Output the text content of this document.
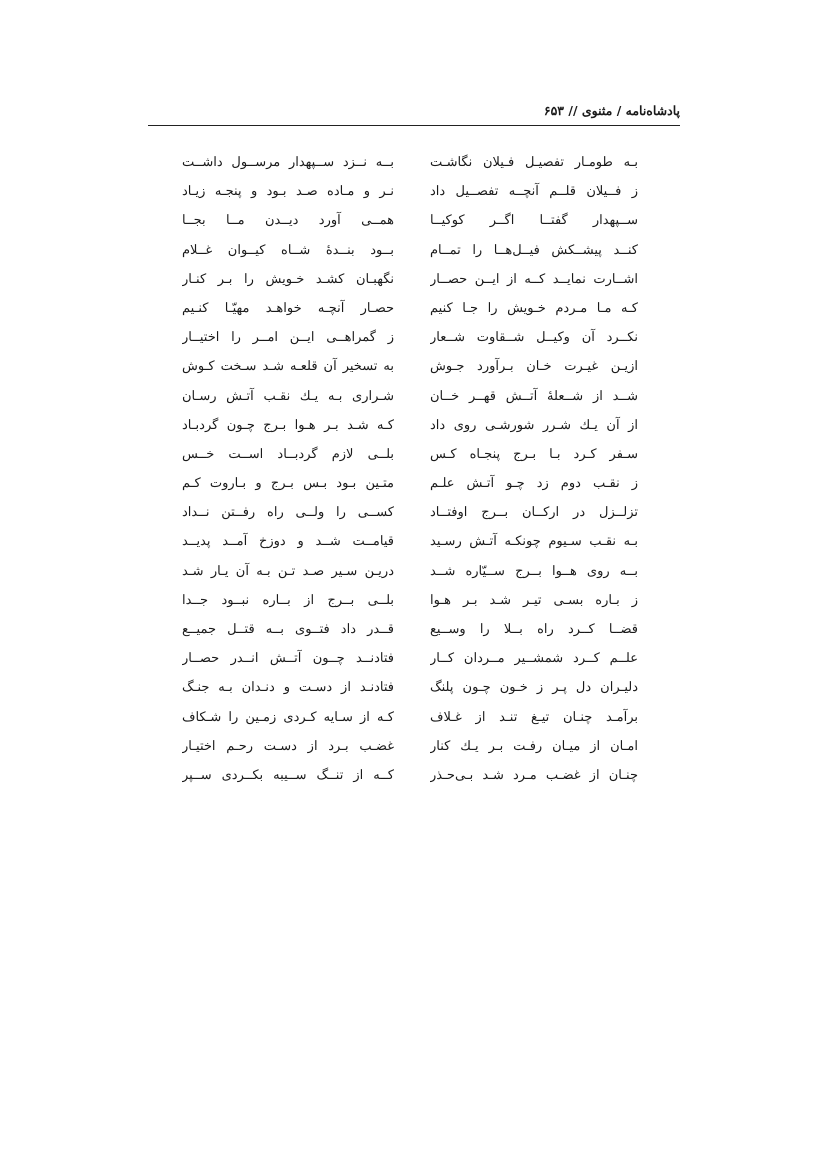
پادشاه‌نامه / مثنوی // ۶۵۳
بـه طومـار تفصيـل فـيلان نگاشـت
ز فــيلان قلــم آنچــه تفصــيل داد
ســپهدار گفتــا اگــر كوكيــا
كنــد پيشــكش فيــل‌هــا را تمــام
اشــارت نمايــد كــه از ايــن حصــار
كـه مـا مـردم خـويش را جـا كنيم
نكــرد آن وكيــل شــقاوت شــعار
ازيـن غيـرت خـان بـرآورد جـوش
شــد از شــعلهٔ آتــش قهــر خــان
از آن يـك شـرر شورشـی روی داد
سـفر كـرد بـا بـرج پنجـاه كـس
ز نقـب دوم زد چـو آتـش علـم
تزلــزل در اركــان بــرج اوفتــاد
بـه نقـب سـيوم چونكـه آتـش رسـيد
بــه روی هــوا بــرج ســيّاره شــد
ز بـاره بسـی تيـر شـد بـر هـوا
قضــا كــرد راه بــلا را وســيع
علــم كــرد شمشــير مــردان كــار
دليـران دل پـر ز خـون چـون پلنگ
برآمـد چنـان تيـغ تنـد از غـلاف
امـان از ميـان رفـت بـر يـك كنار
چنـان از غضـب مـرد شـد بـی‌حـذر
بــه نــزد ســپهدار مرســول داشــت
نـر و مـاده صـد بـود و پنجـه زيـاد
همــی آورد ديــدن مــا بجــا
بــود بنــدهٔ شــاه كيــوان غــلام
نگهبـان كشـد خـويش را بـر كنـار
حصـار آنچـه خواهـد مهيّـا كنـيم
ز گمراهــی ايــن امــر را اختيــار
به تسخير آن قلعـه شـد سـخت كـوش
شـراری بـه يـك نقـب آتـش رسـان
كـه شـد بـر هـوا بـرج چـون گردبـاد
بلــی لازم گردبــاد اســت خــس
متـين بـود بـس بـرج و بـاروت كـم
كســی را ولــی راه رفــتن نــداد
قيامــت شــد و دوزخ آمــد پديــد
دريـن سـير صـد تـن بـه آن يـار شـد
بلــی بــرج از بــاره نبــود جــدا
قــدر داد فتــوی بــه قتــل جميــع
فتادنــد چــون آتــش انــدر حصــار
فتادنـد از دسـت و دنـدان بـه جنـگ
كـه از سـايه كـردی زمـين را شـكاف
غضـب بـرد از دسـت رحـم اختيـار
كــه از تنــگ ســيبه بكــردی ســپر
